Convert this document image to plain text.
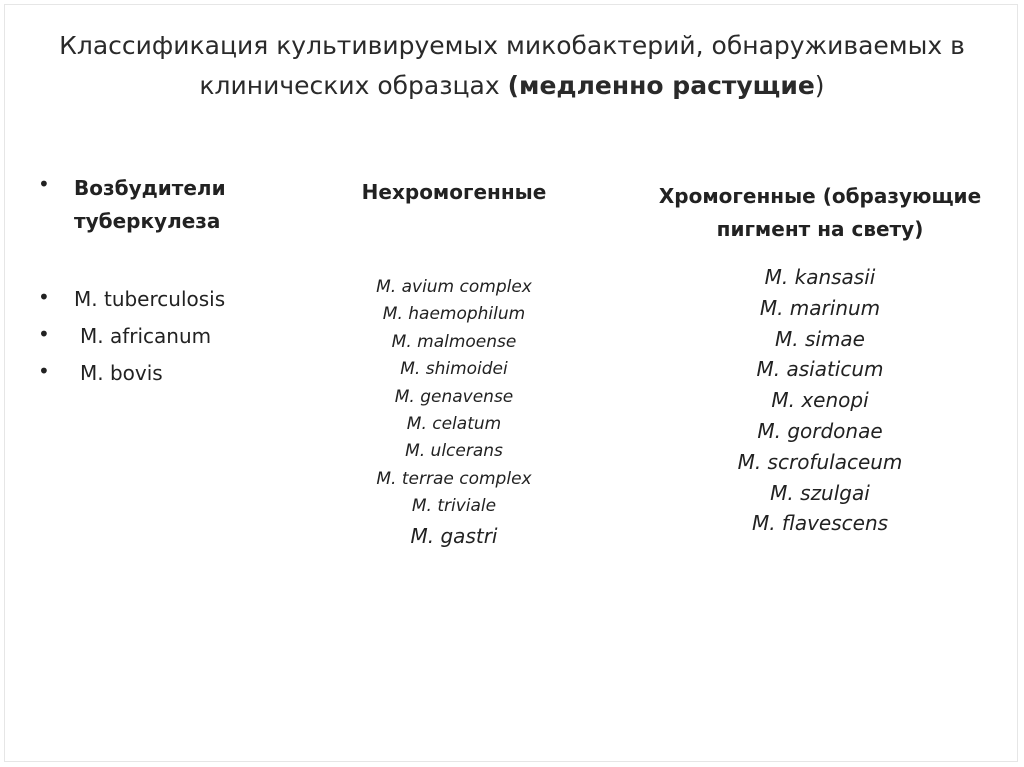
Классификация культивируемых микобактерий, обнаруживаемых в
клинических образцах (медленно растущие)
• Возбудители
туберкулеза
• M. tuberculosis
• M. africanum
• M. bovis
Нехромогенные
M. avium complex
M. haemophilum
M. malmoense
M. shimoidei
M. genavense
M. celatum
M. ulcerans
M. terrae complex
M. triviale
M. gastri
Хромогенные (образующие
пигмент на свету)
M. kansasii
M. marinum
M. simae
M. asiaticum
M. xenopi
M. gordonae
M. scrofulaceum
M. szulgai
M. flavescens
